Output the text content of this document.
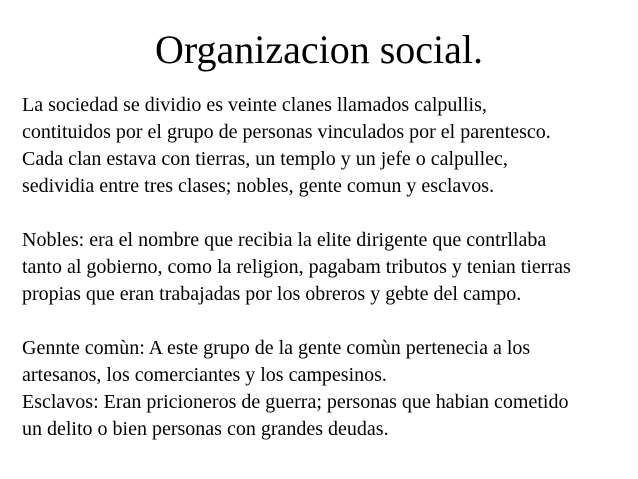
Organizacion social.
La sociedad se dividio es veinte clanes llamados calpullis,
contituidos por el grupo de personas vinculados por el parentesco.
Cada clan estava con tierras, un templo y un jefe o calpullec,
sedividia entre tres clases; nobles, gente comun y esclavos.
Nobles: era el nombre que recibia la elite dirigente que contrllaba
tanto al gobierno, como la religion, pagabam tributos y tenian tierras
propias que eran trabajadas por los obreros y gebte del campo.
Gennte comùn: A este grupo de la gente comùn pertenecia a los
artesanos, los comerciantes y los campesinos.
Esclavos: Eran pricioneros de guerra; personas que habian cometido
un delito o bien personas con grandes deudas.
